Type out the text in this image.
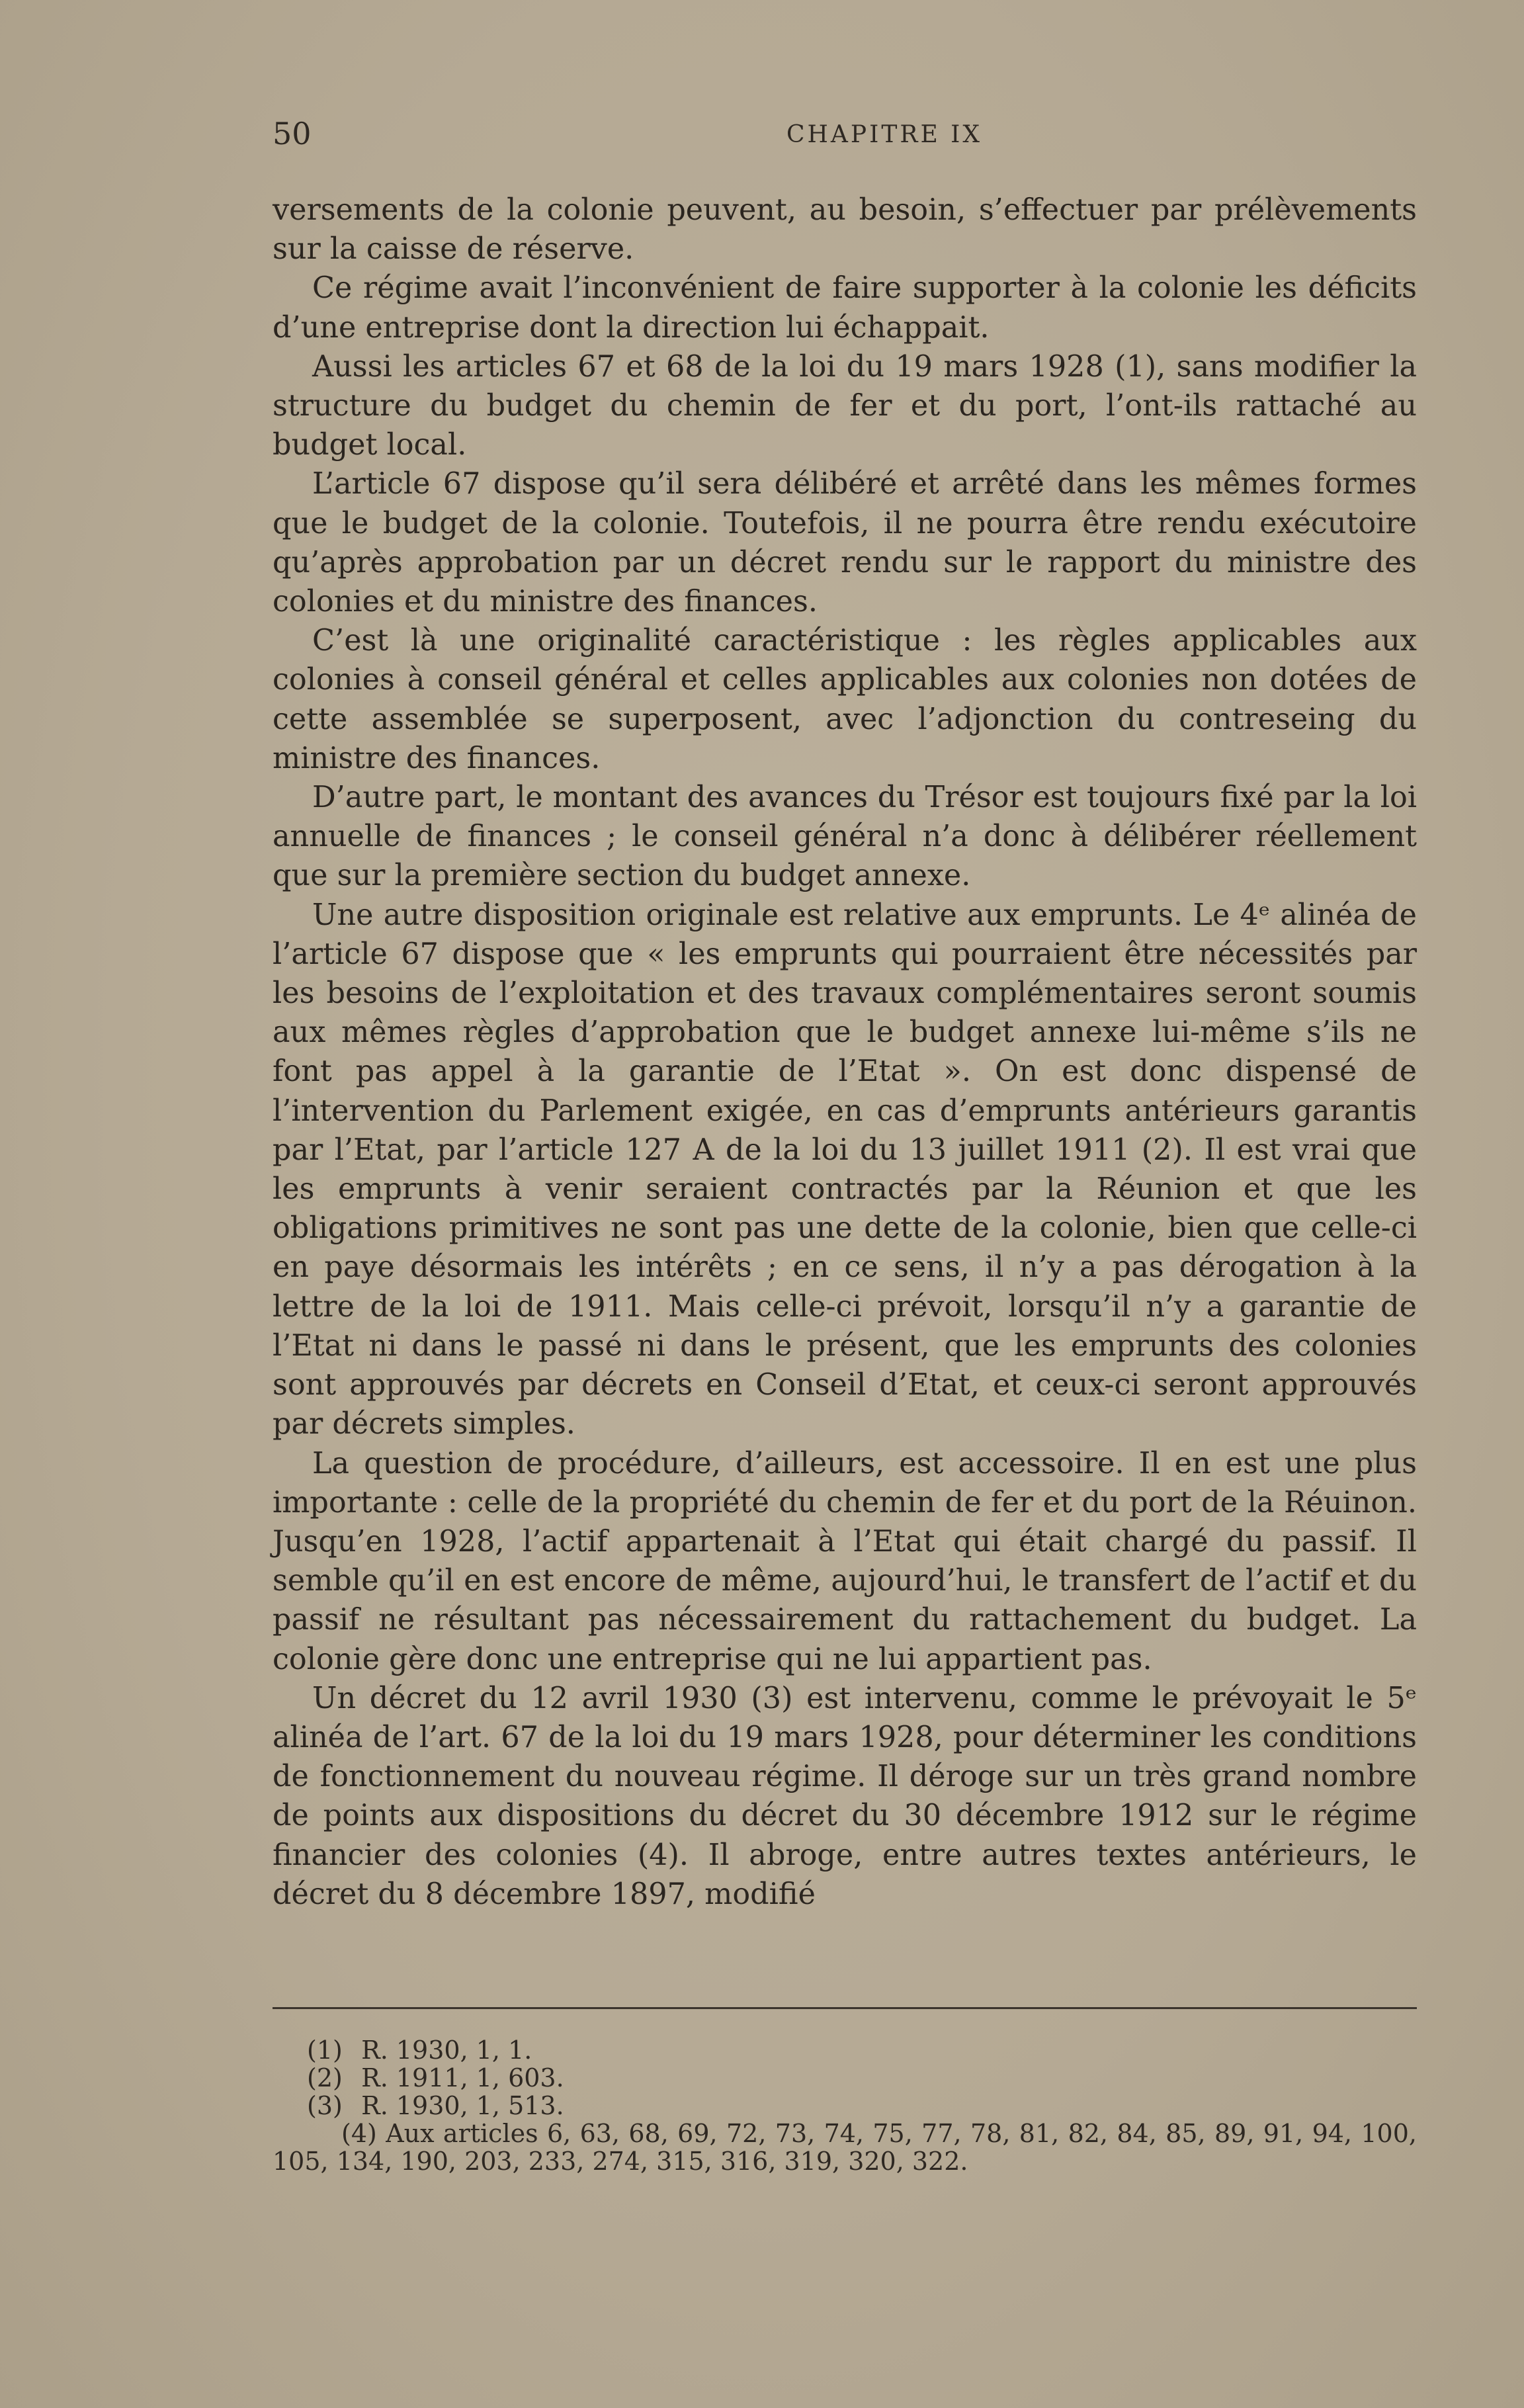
50	CHAPITRE IX

versements de la colonie peuvent, au besoin, s’effectuer par prélèvements sur la caisse de réserve.

Ce régime avait l’inconvénient de faire supporter à la colonie les déficits d’une entreprise dont la direction lui échappait.

Aussi les articles 67 et 68 de la loi du 19 mars 1928 (1), sans modifier la structure du budget du chemin de fer et du port, l’ont-ils rattaché au budget local.

L’article 67 dispose qu’il sera délibéré et arrêté dans les mêmes formes que le budget de la colonie. Toutefois, il ne pourra être rendu exécutoire qu’après approbation par un décret rendu sur le rapport du ministre des colonies et du ministre des finances.

C’est là une originalité caractéristique : les règles applicables aux colonies à conseil général et celles applicables aux colonies non dotées de cette assemblée se superposent, avec l’adjonction du contreseing du ministre des finances.

D’autre part, le montant des avances du Trésor est toujours fixé par la loi annuelle de finances ; le conseil général n’a donc à délibérer réellement que sur la première section du budget annexe.

Une autre disposition originale est relative aux emprunts. Le 4ᵉ alinéa de l’article 67 dispose que « les emprunts qui pourraient être nécessités par les besoins de l’exploitation et des travaux complémentaires seront soumis aux mêmes règles d’approbation que le budget annexe lui-même s’ils ne font pas appel à la garantie de l’Etat ». On est donc dispensé de l’intervention du Parlement exigée, en cas d’emprunts antérieurs garantis par l’Etat, par l’article 127 A de la loi du 13 juillet 1911 (2). Il est vrai que les emprunts à venir seraient contractés par la Réunion et que les obligations primitives ne sont pas une dette de la colonie, bien que celle-ci en paye désormais les intérêts ; en ce sens, il n’y a pas dérogation à la lettre de la loi de 1911. Mais celle-ci prévoit, lorsqu’il n’y a garantie de l’Etat ni dans le passé ni dans le présent, que les emprunts des colonies sont approuvés par décrets en Conseil d’Etat, et ceux-ci seront approuvés par décrets simples.

La question de procédure, d’ailleurs, est accessoire. Il en est une plus importante : celle de la propriété du chemin de fer et du port de la Réuinon. Jusqu’en 1928, l’actif appartenait à l’Etat qui était chargé du passif. Il semble qu’il en est encore de même, aujourd’hui, le transfert de l’actif et du passif ne résultant pas nécessairement du rattachement du budget. La colonie gère donc une entreprise qui ne lui appartient pas.

Un décret du 12 avril 1930 (3) est intervenu, comme le prévoyait le 5ᵉ alinéa de l’art. 67 de la loi du 19 mars 1928, pour déterminer les conditions de fonctionnement du nouveau régime. Il déroge sur un très grand nombre de points aux dispositions du décret du 30 décembre 1912 sur le régime financier des colonies (4). Il abroge, entre autres textes antérieurs, le décret du 8 décembre 1897, modifié

(1) R. 1930, 1, 1.

(2) R. 1911, 1, 603.

(3) R. 1930, 1, 513.

(4) Aux articles 6, 63, 68, 69, 72, 73, 74, 75, 77, 78, 81, 82, 84, 85, 89, 91, 94, 100, 105, 134, 190, 203, 233, 274, 315, 316, 319, 320, 322.
